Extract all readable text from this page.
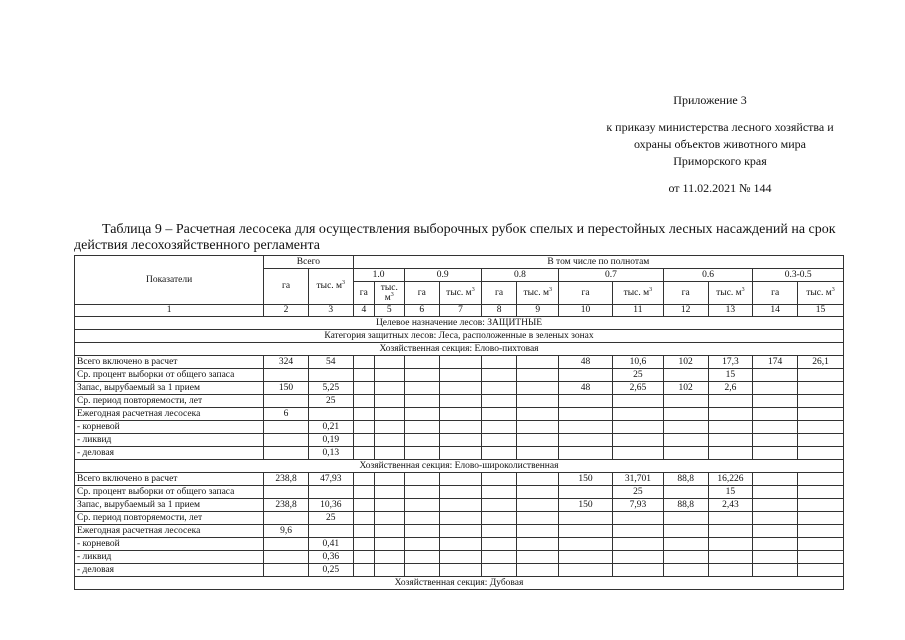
Приложение 3
к приказу министерства лесного хозяйства и
охраны объектов животного мира
Приморского края
от 11.02.2021 № 144
Таблица 9 – Расчетная лесосека для осуществления выборочных рубок спелых и перестойных лесных насаждений на срок действия лесохозяйственного регламента
Показатели	Всего		В том числе по полнотам											
	га	тыс. $м^3$	1.0		0.9		0.8		0.7		0.6		0.3-0.5	
			га	тыс. $м^3$	га	тыс. $м^3$	га	тыс. $м^3$	га	тыс. $м^3$	га	тыс. $м^3$	га	тыс. $м^3$
1	2	3	4	5	6	7	8	9	10	11	12	13	14	15
Целевое назначение лесов: ЗАЩИТНЫЕ														
Категория защитных лесов: Леса, расположенные в зеленых зонах														
Хозяйственная секция: Елово-пихтовая														
Всего включено в расчет	324	54							48	10,6	102	17,3	174	26,1
Ср. процент выборки от общего запаса										25		15		
Запас, вырубаемый за 1 прием	150	5,25							48	2,65	102	2,6		
Ср. период повторяемости, лет		25												
Ежегодная расчетная лесосека	6													
- корневой		0,21												
- ликвид		0,19												
- деловая		0,13												
Хозяйственная секция: Елово-широколиственная														
Всего включено в расчет	238,8	47,93							150	31,701	88,8	16,226		
Ср. процент выборки от общего запаса										25		15		
Запас, вырубаемый за 1 прием	238,8	10,36							150	7,93	88,8	2,43		
Ср. период повторяемости, лет		25												
Ежегодная расчетная лесосека	9,6													
- корневой		0,41												
- ликвид		0,36												
- деловая		0,25												
Хозяйственная секция: Дубовая														
